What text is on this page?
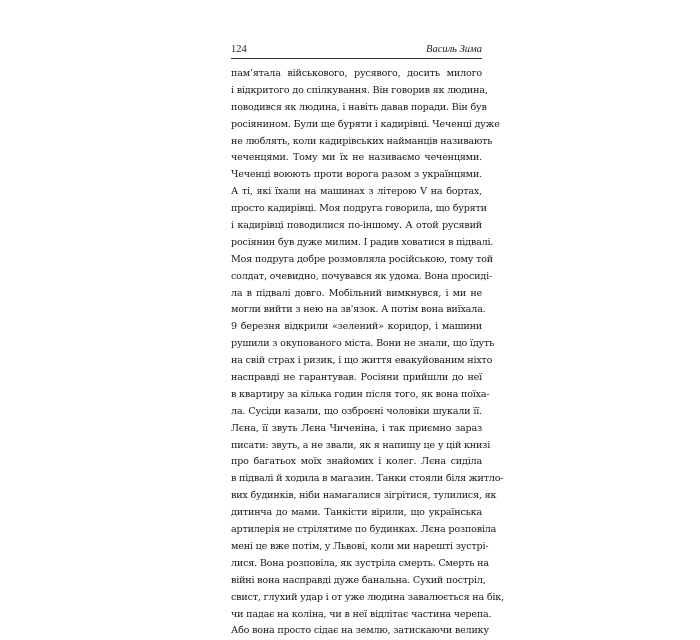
124	Василь Зима
пам’ятала військового, русявого, досить милого
і відкритого до спілкування. Він говорив як людина,
поводився як людина, і навіть давав поради. Він був
росіянином. Були ще буряти і кадирівці. Чеченці дуже
не люблять, коли кадирівських найманців називають
чеченцями. Тому ми їх не називаємо чеченцями.
Чеченці воюють проти ворога разом з українцями.
А ті, які їхали на машинах з літерою V на бортах,
просто кадирівці. Моя подруга говорила, що буряти
і кадирівці поводилися по-іншому. А отой русявий
росіянин був дуже милим. І радив ховатися в підвалі.
Моя подруга добре розмовляла російською, тому той
солдат, очевидно, почувався як удома. Вона просиді-
ла в підвалі довго. Мобільний вимкнувся, і ми не
могли вийти з нею на зв'язок. А потім вона виїхала.
9 березня відкрили «зелений» коридор, і машини
рушили з окупованого міста. Вони не знали, що їдуть
на свій страх і ризик, і що життя евакуйованим ніхто
насправді не гарантував. Росіяни прийшли до неї
в квартиру за кілька годин після того, як вона поїха-
ла. Сусіди казали, що озброєні чоловіки шукали її.
Лєна, її звуть Лєна Чиченіна, і так приємно зараз
писати: звуть, а не звали, як я напишу це у цій книзі
про багатьох моїх знайомих і колег. Лєна сиділа
в підвалі й ходила в магазин. Танки стояли біля житло-
вих будинків, ніби намагалися зігрітися, тулилися, як
дитинча до мами. Танкісти вірили, що українська
артилерія не стрілятиме по будинках. Лєна розповіла
мені це вже потім, у Львові, коли ми нарешті зустрі-
лися. Вона розповіла, як зустріла смерть. Смерть на
війні вона насправді дуже банальна. Сухий постріл,
свист, глухий удар і от уже людина завалюється на бік,
чи падає на коліна, чи в неї відлітає частина черепа.
Або вона просто сідає на землю, затискаючи велику
